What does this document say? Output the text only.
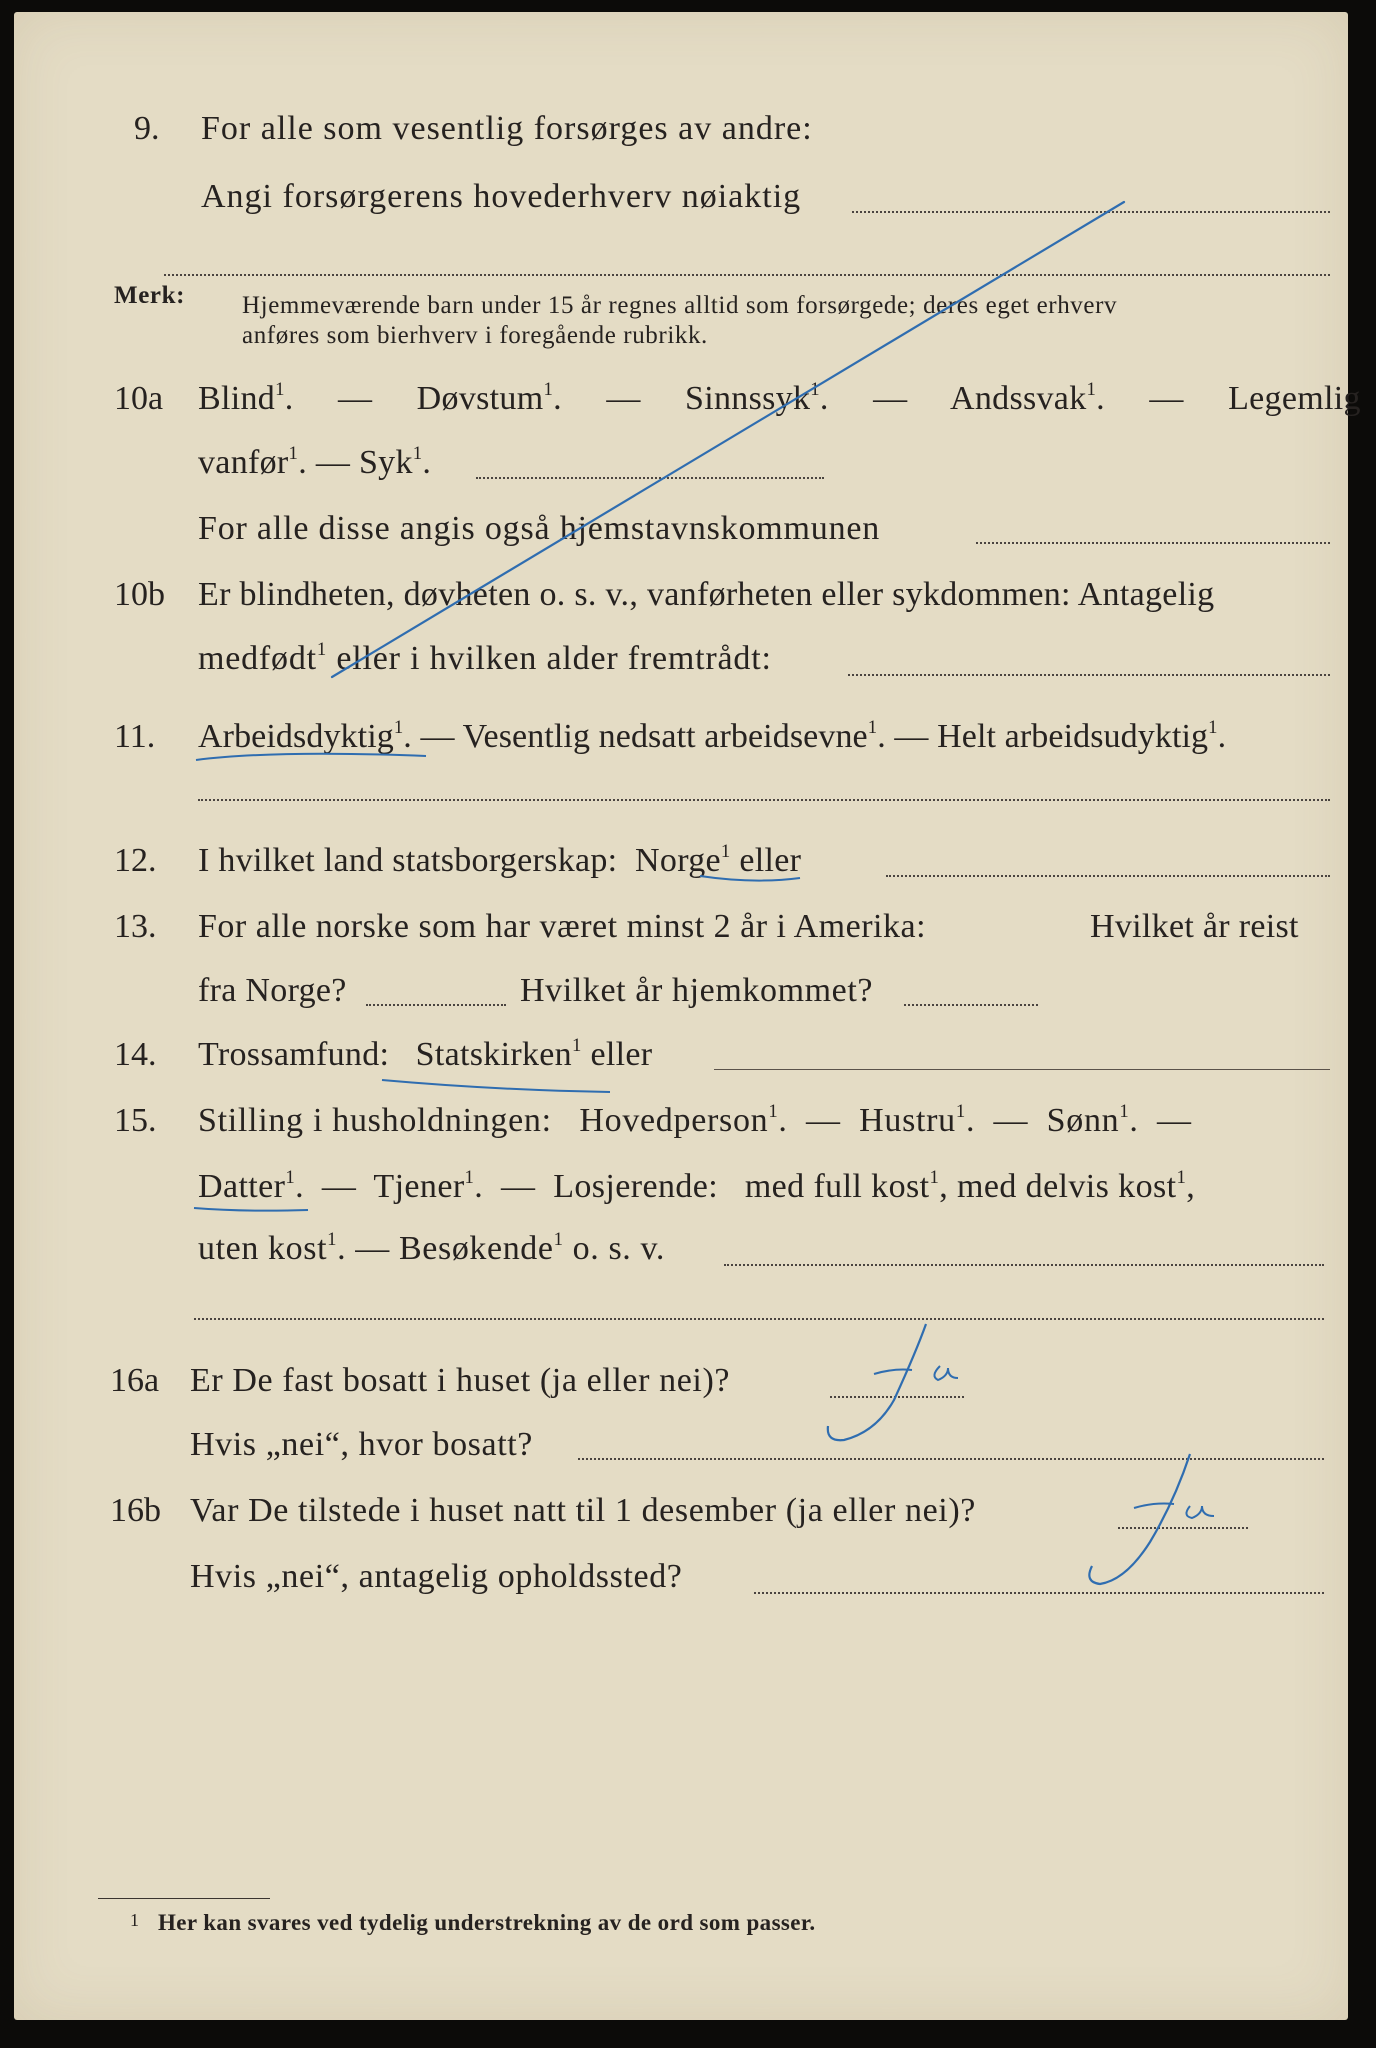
9. For alle som vesentlig forsørges av andre:
Angi forsørgerens hovederhverv nøiaktig
Merk: Hjemmeværende barn under 15 år regnes alltid som forsørgede; deres eget erhverv
anføres som bierhverv i foregående rubrikk.
10a Blind$^1$. — Døvstum$^1$. — Sinnssyk$^1$. — Andssvak$^1$. — Legemlig
vanfør$^1$. — Syk$^1$.
For alle disse angis også hjemstavnskommunen
10b Er blindheten, døvheten o. s. v., vanførheten eller sykdommen: Antagelig
medfødt$^1$ eller i hvilken alder fremtrådt:
11. Arbeidsdyktig$^1$. — Vesentlig nedsatt arbeidsevne$^1$. — Helt arbeidsudyktig$^1$.
12. I hvilket land statsborgerskap: Norge$^1$ eller
13. For alle norske som har været minst 2 år i Amerika:	Hvilket år reist
fra Norge?	Hvilket år hjemkommet?
14. Trossamfund: Statskirken$^1$ eller
15. Stilling i husholdningen: Hovedperson$^1$. — Hustru$^1$. — Sønn$^1$. —
Datter$^1$. — Tjener$^1$. — Losjerende: med full kost$^1$, med delvis kost$^1$,
uten kost$^1$. — Besøkende$^1$ o. s. v.
16a Er De fast bosatt i huset (ja eller nei)?
Hvis „nei“, hvor bosatt?
16b Var De tilstede i huset natt til 1 desember (ja eller nei)?
Hvis „nei“, antagelig opholdssted?
1 Her kan svares ved tydelig understrekning av de ord som passer.
